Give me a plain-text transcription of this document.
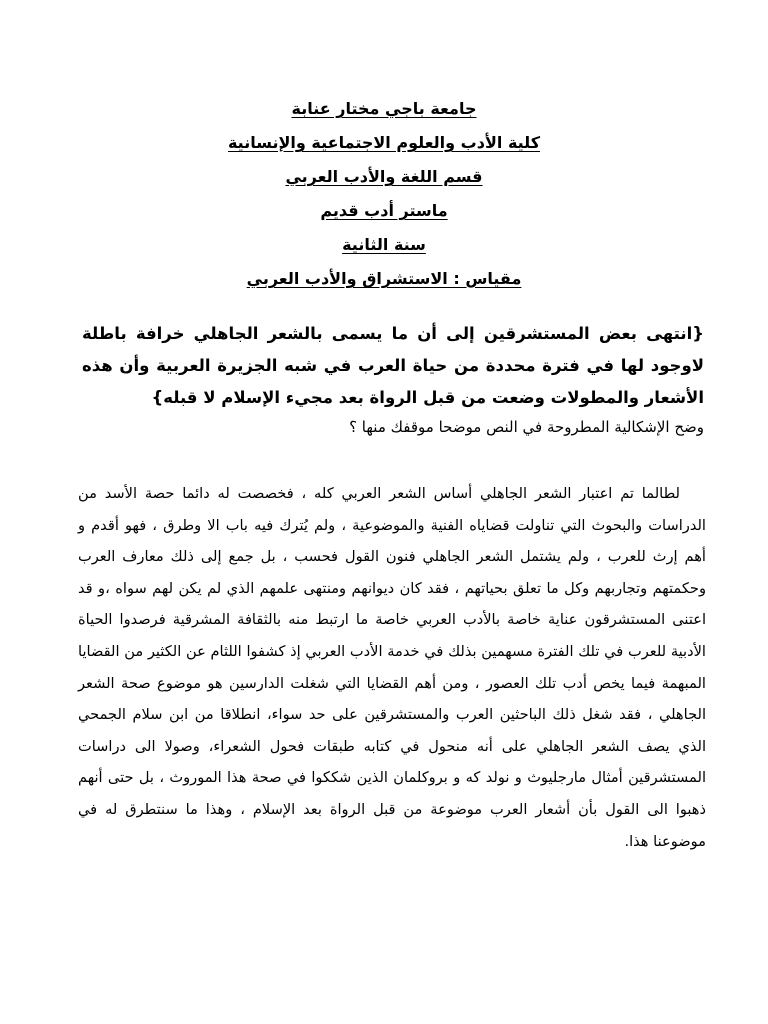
جامعة باجي مختار عنابة
كلية الأدب والعلوم الاجتماعية والإنسانية
قسم اللغة والأدب العربي
ماستر أدب قديم
سنة الثانية
مقياس : الاستشراق والأدب العربي
{انتهى بعض المستشرقين إلى أن ما يسمى بالشعر الجاهلي خرافة باطلة لاوجود لها في فترة محددة من حياة العرب في شبه الجزيرة العربية وأن هذه الأشعار والمطولات وضعت من قبل الرواة بعد مجيء الإسلام لا قبله}
وضح الإشكالية المطروحة في النص موضحا موقفك منها ؟
لطالما تم اعتبار الشعر الجاهلي أساس الشعر العربي كله ، فخصصت له دائما حصة الأسد من الدراسات والبحوث التي تناولت قضاياه الفنية والموضوعية ، ولم يُترك فيه باب الا وطرق ، فهو أقدم و أهم إرث للعرب ، ولم يشتمل الشعر الجاهلي فنون القول فحسب ، بل جمع إلى ذلك معارف العرب وحكمتهم وتجاربهم وكل ما تعلق بحياتهم ، فقد كان ديوانهم ومنتهى علمهم الذي لم يكن لهم سواه ،و قد اعتنى المستشرقون عناية خاصة بالأدب العربي خاصة ما ارتبط منه بالثقافة المشرقية فرصدوا الحياة الأدبية للعرب في تلك الفترة مسهمين بذلك في خدمة الأدب العربي إذ كشفوا اللثام عن الكثير من القضايا المبهمة فيما يخص أدب تلك العصور ، ومن أهم القضايا التي شغلت الدارسين هو موضوع صحة الشعر الجاهلي ، فقد شغل ذلك الباحثين العرب والمستشرقين على حد سواء، انطلاقا من ابن سلام الجمحي الذي يصف الشعر الجاهلي على أنه منحول في كتابه طبقات فحول الشعراء، وصولا الى دراسات المستشرقين أمثال مارجليوث و نولد كه و بروكلمان الذين شككوا في صحة هذا الموروث ، بل حتى أنهم ذهبوا الى القول بأن أشعار العرب موضوعة من قبل الرواة بعد الإسلام ، وهذا ما سنتطرق له في موضوعنا هذا.
